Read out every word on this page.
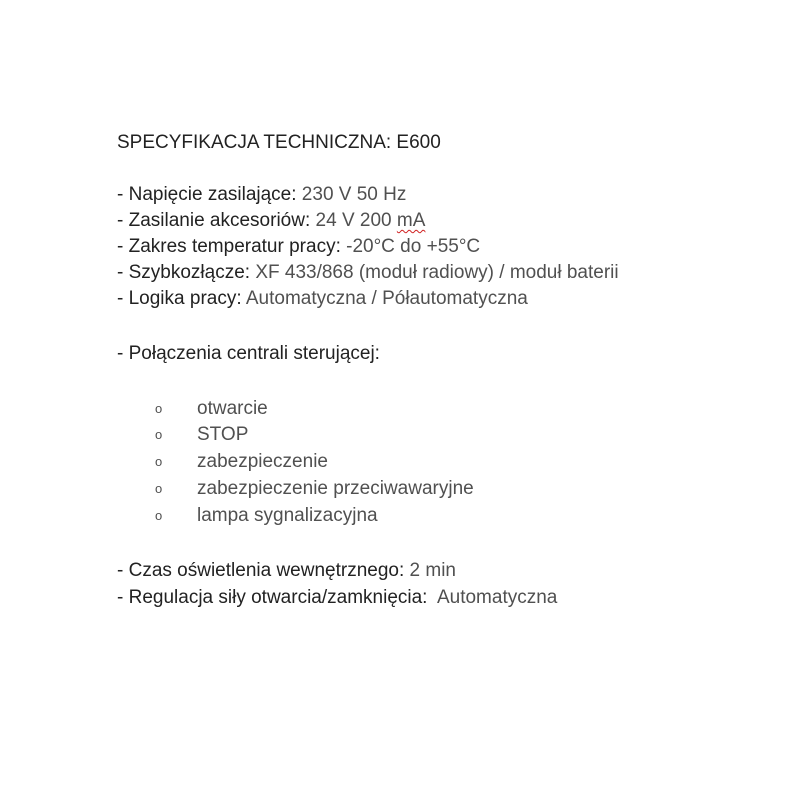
SPECYFIKACJA TECHNICZNA: E600
- Napięcie zasilające: 230 V 50 Hz
- Zasilanie akcesoriów: 24 V 200 mA
- Zakres temperatur pracy: -20°C do +55°C
- Szybkozłącze: XF 433/868 (moduł radiowy) / moduł baterii
- Logika pracy: Automatyczna / Półautomatyczna
- Połączenia centrali sterującej:
o otwarcie
o STOP
o zabezpieczenie
o zabezpieczenie przeciwawaryjne
o lampa sygnalizacyjna
- Czas oświetlenia wewnętrznego: 2 min
- Regulacja siły otwarcia/zamknięcia:  Automatyczna
